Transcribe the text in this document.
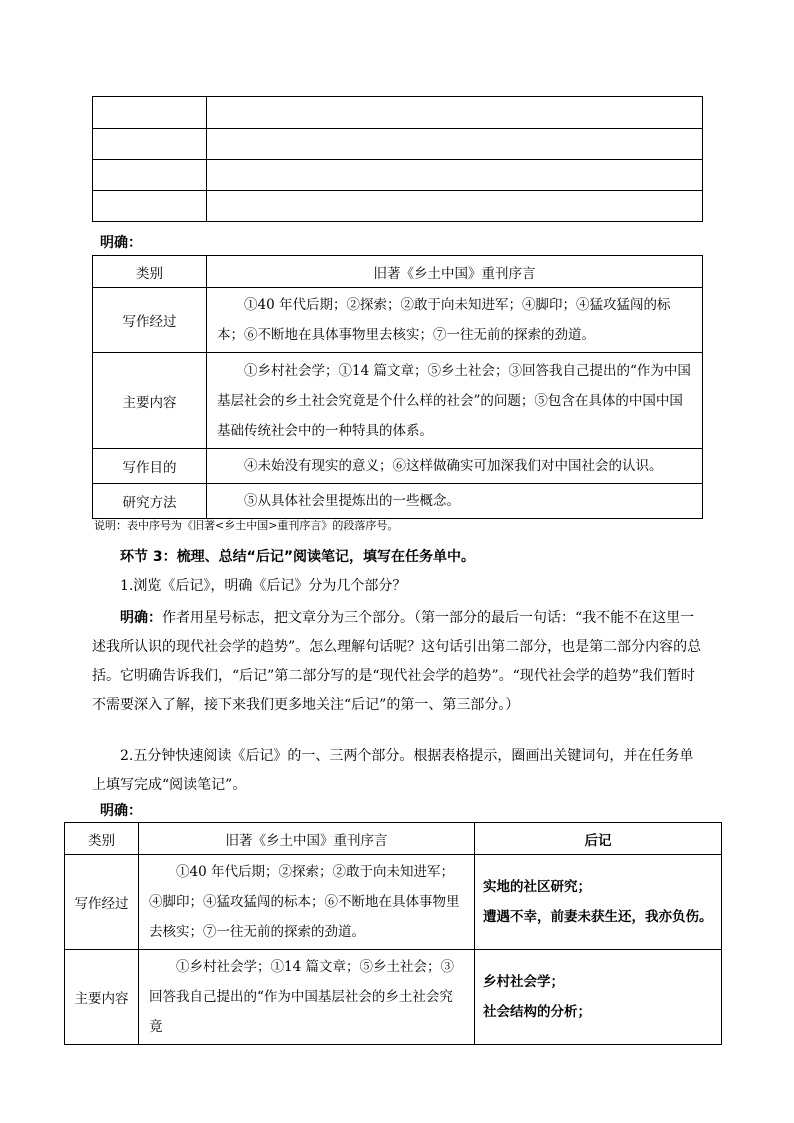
明确：
类别	旧著《乡土中国》重刊序言
写作经过	①40 年代后期；②探索；②敢于向未知进军；④脚印；④猛攻猛闯的标本；⑥不断地在具体事物里去核实；⑦一往无前的探索的劲道。

主要内容	①乡村社会学；①14 篇文章；⑤乡土社会；③回答我自己提出的“作为中国基层社会的乡土社会究竟是个什么样的社会”的问题；⑤包含在具体的中国中国基础传统社会中的一种特具的体系。

写作目的	④未始没有现实的意义；⑥这样做确实可加深我们对中国社会的认识。

研究方法	⑤从具体社会里提炼出的一些概念。
说明：表中序号为《旧著<乡土中国>重刊序言》的段落序号。
环节 3：梳理、总结“后记”阅读笔记，填写在任务单中。
1.浏览《后记》，明确《后记》分为几个部分？
明确：作者用星号标志，把文章分为三个部分。（第一部分的最后一句话：“我不能不在这里一述我所认识的现代社会学的趋势”。怎么理解句话呢？这句话引出第二部分，也是第二部分内容的总括。它明确告诉我们，“后记”第二部分写的是“现代社会学的趋势”。“现代社会学的趋势”我们暂时不需要深入了解，接下来我们更多地关注“后记”的第一、第三部分。）
2.五分钟快速阅读《后记》的一、三两个部分。根据表格提示，圈画出关键词句，并在任务单上填写完成“阅读笔记”。
明确：
类别	旧著《乡土中国》重刊序言	后记
写作经过	①40 年代后期；②探索；②敢于向未知进军；④脚印；④猛攻猛闯的标本；⑥不断地在具体事物里去核实；⑦一往无前的探索的劲道。	实地的社区研究；
遭遇不幸，前妻未获生还，我亦负伤。

主要内容	①乡村社会学；①14 篇文章；⑤乡土社会；③回答我自己提出的“作为中国基层社会的乡土社会究竟	乡村社会学；
社会结构的分析；
